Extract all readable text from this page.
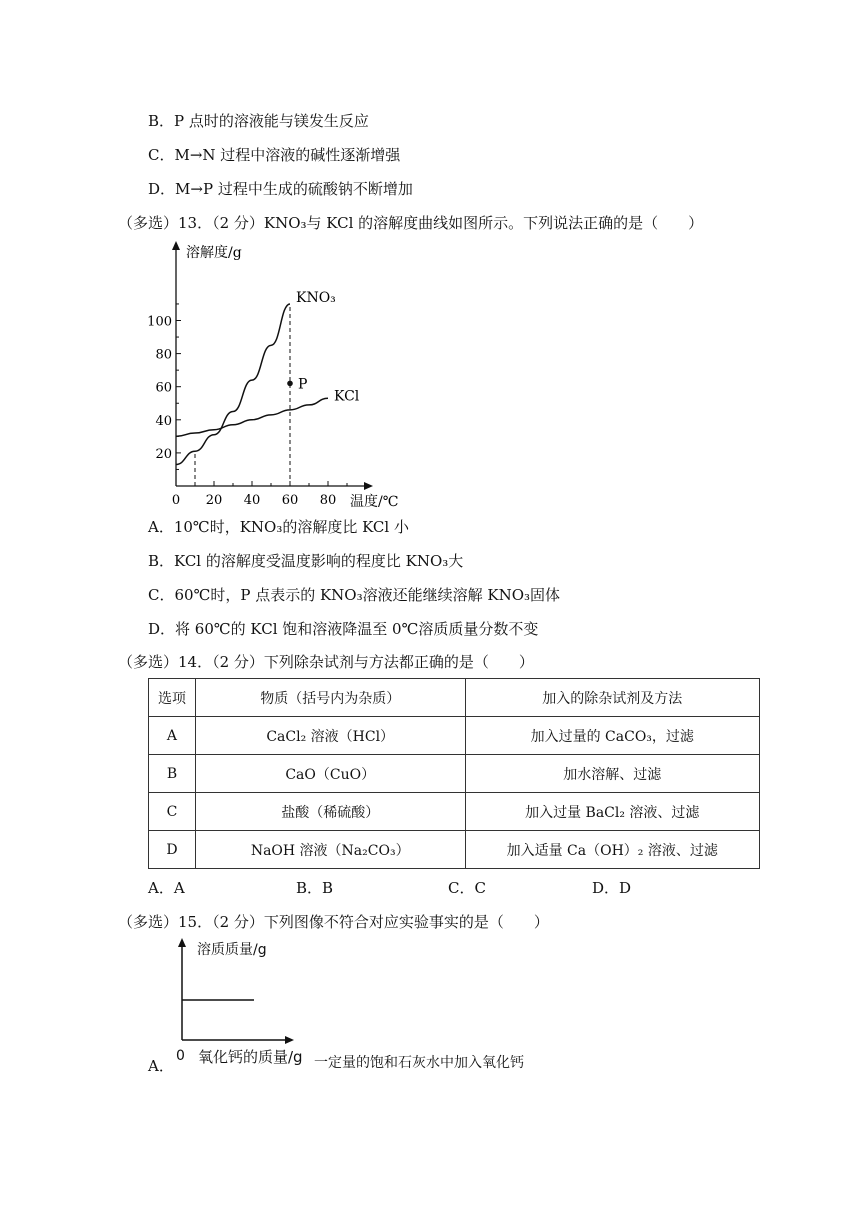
B．P 点时的溶液能与镁发生反应
C．M→N 过程中溶液的碱性逐渐增强
D．M→P 过程中生成的硫酸钠不断增加
（多选）13．（2 分）KNO₃与 KCl 的溶解度曲线如图所示。下列说法正确的是（　　）
20
40
60
80
100
0 20 40 60 80
溶解度/g
温度/℃
KNO₃
KCl
P
A．10℃时，KNO₃的溶解度比 KCl 小
B．KCl 的溶解度受温度影响的程度比 KNO₃大
C．60℃时，P 点表示的 KNO₃溶液还能继续溶解 KNO₃固体
D．将 60℃的 KCl 饱和溶液降温至 0℃溶质质量分数不变
（多选）14．（2 分）下列除杂试剂与方法都正确的是（　　）
选项	物质（括号内为杂质）	加入的除杂试剂及方法
A	CaCl₂ 溶液（HCl）	加入过量的 CaCO₃，过滤
B	CaO（CuO）	加水溶解、过滤
C	盐酸（稀硫酸）	加入过量 BaCl₂ 溶液、过滤
D	NaOH 溶液（Na₂CO₃）	加入适量 Ca（OH）₂ 溶液、过滤
A．A	B．B	C．C	D．D
（多选）15．（2 分）下列图像不符合对应实验事实的是（　　）
溶质质量/g
A．
0 氧化钙的质量/g 一定量的饱和石灰水中加入氧化钙
